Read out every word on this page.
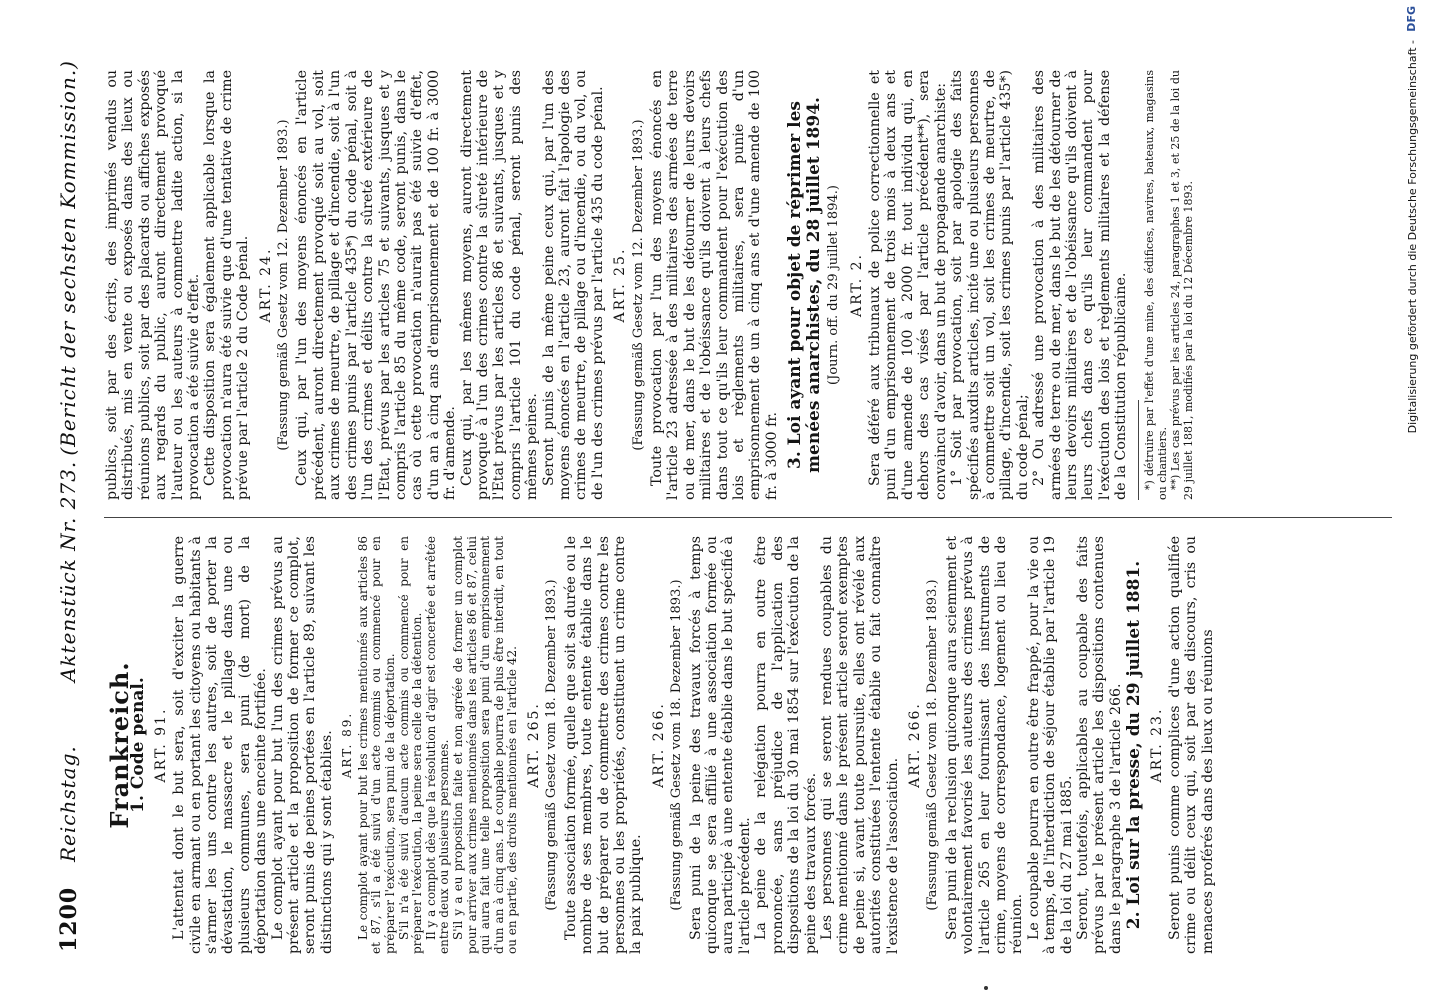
1200
Reichstag.
Aktenstück Nr. 273.
(Bericht der sechsten Kommission.)
Frankreich.
1. Code penal. ART. 91. L'attentat dont le but sera, soit d'exciter la guerre civile en armant ou en portant les citoyens ou habitants à s'armer les uns contre les autres, soit de porter la dévastation, le massacre et le pillage dans une ou plusieurs communes, sera puni (de mort) de la déportation dans une enceinte fortifiée. Le complot ayant pour but l'un des crimes prévus au présent article et la proposition de former ce complot, seront punis de peines portées en l'article 89, suivant les distinctions qui y sont établies. ART. 89. Le complot ayant pour but les crimes mentionnés aux articles 86 et 87, s'il a été suivi d'un acte commis ou commencé pour en préparer l'exécution, sera puni de la déportation. S'il n'a été suivi d'aucun acte commis ou commencé pour en préparer l'exécution, la peine sera celle de la détention. Il y a complot dès que la résolution d'agir est concertée et arrêtée entre deux ou plusieurs personnes. S'il y a eu proposition faite et non agréée de former un complot pour arriver aux crimes mentionnés dans les articles 86 et 87, celui qui aura fait une telle proposition sera puni d'un emprisonnement d'un an à cinq ans. Le coupable pourra de plus être interdit, en tout ou en partie, des droits mentionnés en l'article 42. ART. 265. (Fassung gemäß Gesetz vom 18. Dezember 1893.) Toute association formée, quelle que soit sa durée ou le nombre de ses membres, toute entente établie dans le but de préparer ou de commettre des crimes contre les personnes ou les propriétés, constituent un crime contre la paix publique.

ART. 266. (Fassung gemäß Gesetz vom 18. Dezember 1893.) Sera puni de la peine des travaux forcés à temps quiconque se sera affilié à une association formée ou aura participé à une entente établie dans le but spécifié à l'article précédent. La peine de la relégation pourra en outre être prononcée, sans préjudice de l'application des dispositions de la loi du 30 mai 1854 sur l'exécution de la peine des travaux forcés. Les personnes qui se seront rendues coupables du crime mentionné dans le présent article seront exemptes de peine si, avant toute poursuite, elles ont révélé aux autorités constituées l'entente établie ou fait connaître l'existence de l'association.

ART. 266. (Fassung gemäß Gesetz vom 18. Dezember 1893.) Sera puni de la reclusion quiconque aura sciemment et volontairement favorisé les auteurs des crimes prévus à l'article 265 en leur fournissant des instruments de crime, moyens de correspondance, logement ou lieu de réunion. Le coupable pourra en outre être frappé, pour la vie ou à temps, de l'interdiction de séjour établie par l'article 19 de la loi du 27 mai 1885. Seront, toutefois, applicables au coupable des faits prévus par le présent article les dispositions contenues dans le paragraphe 3 de l'article 266. 2. Loi sur la presse, du 29 juillet 1881. ART. 23. Seront punis comme complices d'une action qualifiée crime ou délit ceux qui, soit par des discours, cris ou menaces proférés dans des lieux ou réunions

publics, soit par des écrits, des imprimés vendus ou distribués, mis en vente ou exposés dans des lieux ou réunions publics, soit par des placards ou affiches exposés aux regards du public, auront directement provoqué l'auteur ou les auteurs à commettre ladite action, si la provocation a été suivie d'effet. Cette disposition sera également applicable lorsque la provocation n'aura été suivie que d'une tentative de crime prévue par l'article 2 du Code pénal. ART. 24. (Fassung gemäß Gesetz vom 12. Dezember 1893.) Ceux qui, par l'un des moyens énoncés en l'article précédent, auront directement provoqué soit au vol, soit aux crimes de meurtre, de pillage et d'incendie, soit à l'un des crimes punis par l'article 435*) du code pénal, soit à l'un des crimes et délits contre la sûreté extérieure de l'Etat, prévus par les articles 75 et suivants, jusques et y compris l'article 85 du même code, seront punis, dans le cas où cette provocation n'aurait pas été suivie d'effet, d'un an à cinq ans d'emprisonnement et de 100 fr. à 3000 fr. d'amende. Ceux qui, par les mêmes moyens, auront directement provoqué à l'un des crimes contre la sûreté intérieure de l'Etat prévus par les articles 86 et suivants, jusques et y compris l'article 101 du code pénal, seront punis des mêmes peines. Seront punis de la même peine ceux qui, par l'un des moyens énoncés en l'article 23, auront fait l'apologie des crimes de meurtre, de pillage ou d'incendie, ou du vol, ou de l'un des crimes prévus par l'article 435 du code pénal. ART. 25. (Fassung gemäß Gesetz vom 12. Dezember 1893.) Toute provocation par l'un des moyens énoncés en l'article 23 adressée à des militaires des armées de terre ou de mer, dans le but de les détourner de leurs devoirs militaires et de l'obéissance qu'ils doivent à leurs chefs dans tout ce qu'ils leur commandent pour l'exécution des lois et règlements militaires, sera punie d'un emprisonnement de un à cinq ans et d'une amende de 100 fr. à 3000 fr. 3. Loi ayant pour objet de réprimer les menées anarchistes, du 28 juillet 1894. (Journ. off. du 29 juillet 1894.) ART. 2. Sera déféré aux tribunaux de police correctionnelle et puni d'un emprisonnement de trois mois à deux ans et d'une amende de 100 à 2000 fr. tout individu qui, en dehors des cas visés par l'article précédent**), sera convaincu d'avoir, dans un but de propagande anarchiste: 1° Soit par provocation, soit par apologie des faits spécifiés auxdits articles, incité une ou plusieurs personnes à commettre soit un vol, soit les crimes de meurtre, de pillage, d'incendie, soit les crimes punis par l'article 435*) du code pénal; 2° Ou adressé une provocation à des militaires des armées de terre ou de mer, dans le but de les détourner de leurs devoirs militaires et de l'obéissance qu'ils doivent à leurs chefs dans ce qu'ils leur commandent pour l'exécution des lois et règlements militaires et la défense de la Constitution républicaine. *) détruire par l'effet d'une mine, des édifices, navires, bateaux, magasins ou chantiers. **) Les cas prévus par les articles 24, paragraphes 1 et 3, et 25 de la loi du 29 juillet 1881, modifiés par la loi du 12 Décembre 1893.	Digitalisierung gefördert durch die Deutsche Forschungsgemeinschaft -
DFG
